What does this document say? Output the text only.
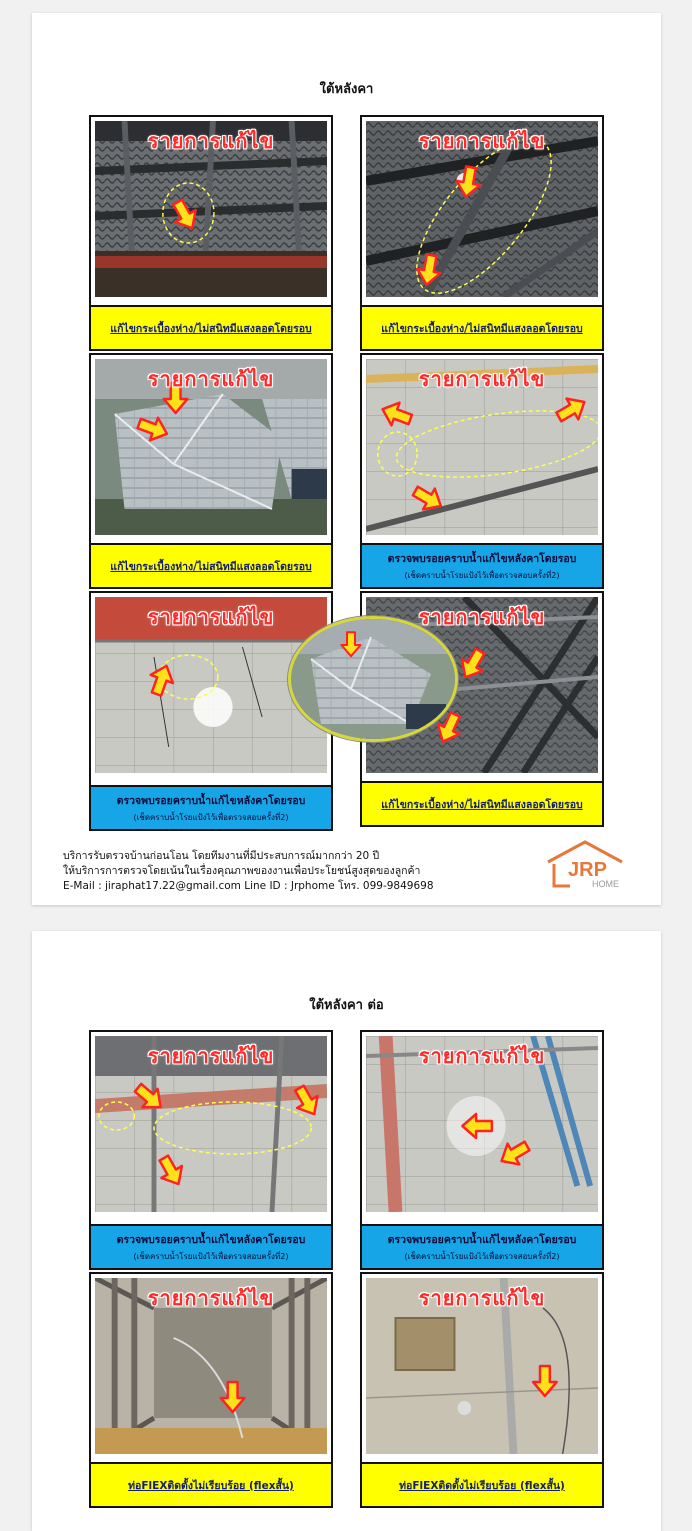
ใต้หลังคา
รายการแก้ไข
แก้ไขกระเบื้องห่าง/ไม่สนิทมีแสงลอดโดยรอบ
รายการแก้ไข
แก้ไขกระเบื้องห่าง/ไม่สนิทมีแสงลอดโดยรอบ
รายการแก้ไข
แก้ไขกระเบื้องห่าง/ไม่สนิทมีแสงลอดโดยรอบ
รายการแก้ไข
ตรวจพบรอยคราบน้ำแก้ไขหลังคาโดยรอบ
(เช็ดคราบน้ำโรยแป้งไว้เพื่อตรวจสอบครั้งที่2)
รายการแก้ไข
ตรวจพบรอยคราบน้ำแก้ไขหลังคาโดยรอบ
(เช็ดคราบน้ำโรยแป้งไว้เพื่อตรวจสอบครั้งที่2)
รายการแก้ไข
แก้ไขกระเบื้องห่าง/ไม่สนิทมีแสงลอดโดยรอบ
บริการรับตรวจบ้านก่อนโอน โดยทีมงานที่มีประสบการณ์มากกว่า 20 ปี
ให้บริการการตรวจโดยเน้นในเรื่องคุณภาพของงานเพื่อประโยชน์สูงสุดของลูกค้า
E-Mail : jiraphat17.22@gmail.com Line ID : Jrphome โทร. 099-9849698
JRP
HOME
ใต้หลังคา ต่อ
รายการแก้ไข
ตรวจพบรอยคราบน้ำแก้ไขหลังคาโดยรอบ
(เช็ดคราบน้ำโรยแป้งไว้เพื่อตรวจสอบครั้งที่2)
รายการแก้ไข
ตรวจพบรอยคราบน้ำแก้ไขหลังคาโดยรอบ
(เช็ดคราบน้ำโรยแป้งไว้เพื่อตรวจสอบครั้งที่2)
รายการแก้ไข
ท่อFlEXติดตั้งไม่เรียบร้อย (flexสั้น)
รายการแก้ไข
ท่อFlEXติดตั้งไม่เรียบร้อย (flexสั้น)
